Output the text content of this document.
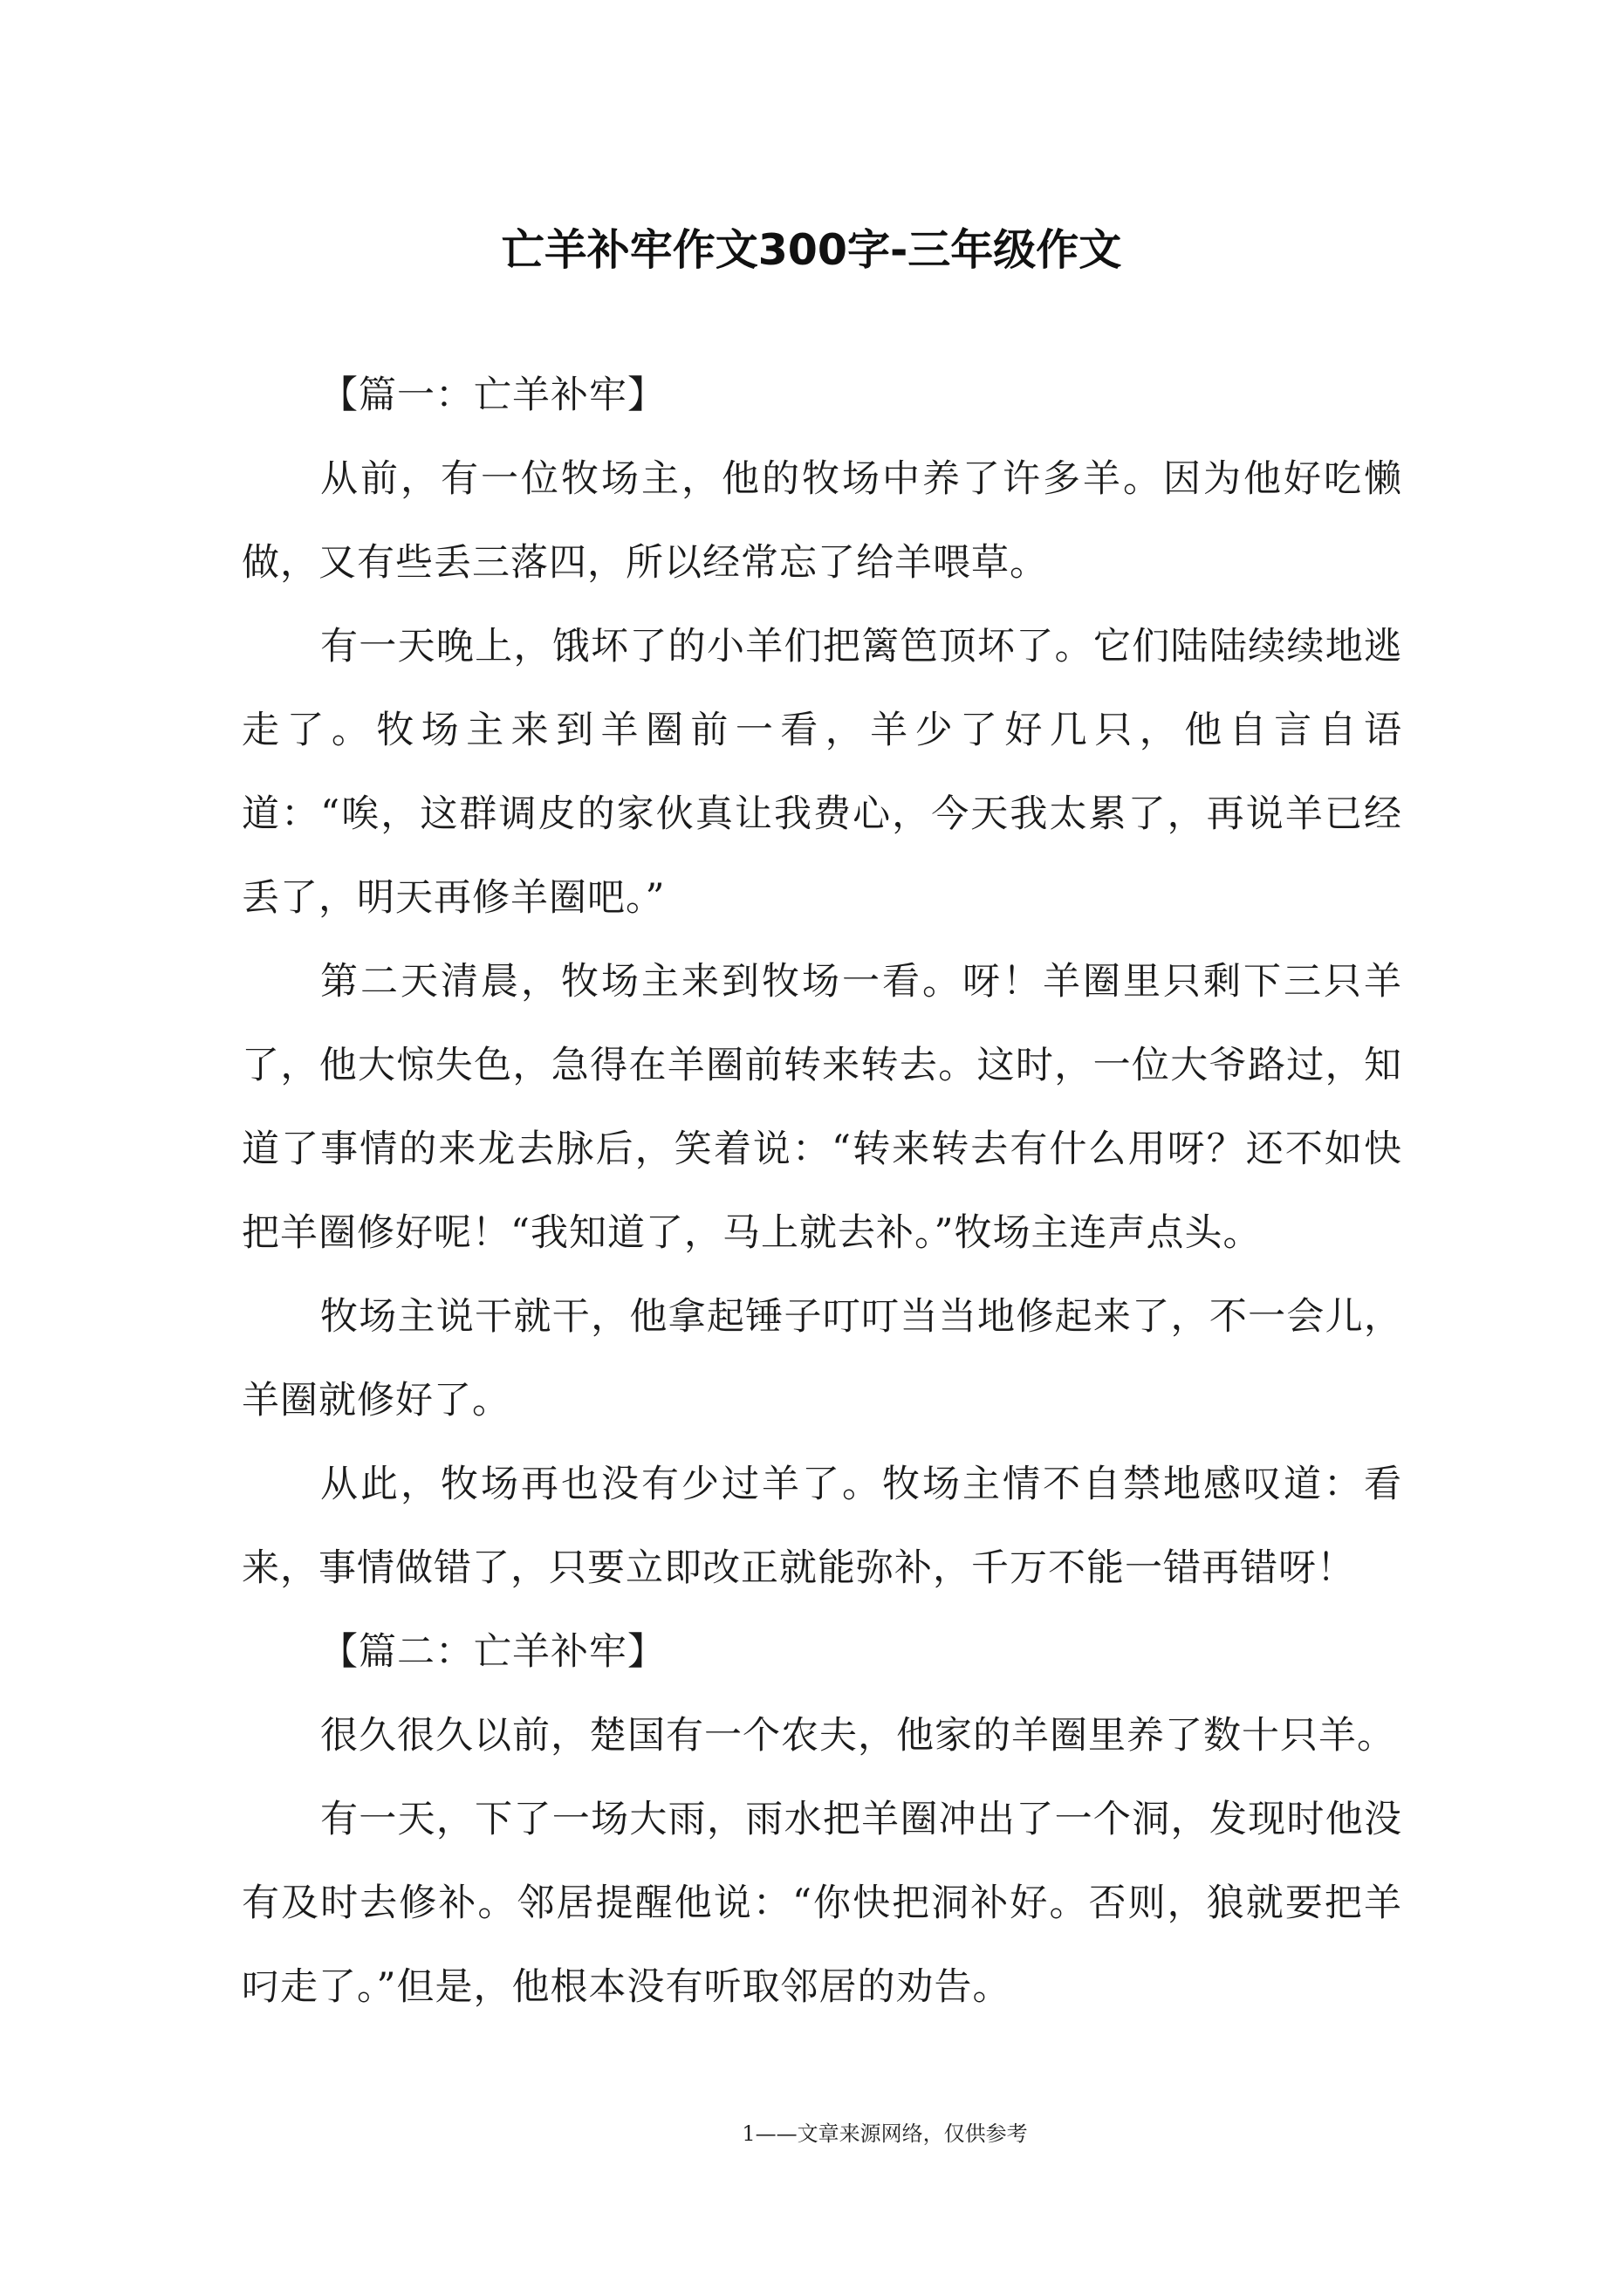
亡羊补牢作文300字-三年级作文

【篇一：亡羊补牢】

从前，有一位牧场主，他的牧场中养了许多羊。因为他好吃懒做，又有些丢三落四，所以经常忘了给羊喂草。

有一天晚上，饿坏了的小羊们把篱笆顶坏了。它们陆陆续续地逃走了。牧场主来到羊圈前一看，羊少了好几只，他自言自语道：“唉，这群调皮的家伙真让我费心，今天我太累了，再说羊已经丢了，明天再修羊圈吧。”

第二天清晨，牧场主来到牧场一看。呀！羊圈里只剩下三只羊了，他大惊失色，急得在羊圈前转来转去。这时，一位大爷路过，知道了事情的来龙去脉后，笑着说：“转来转去有什么用呀？还不如快把羊圈修好呢！“我知道了，马上就去补。”牧场主连声点头。

牧场主说干就干，他拿起锤子叮叮当当地修起来了，不一会儿，羊圈就修好了。

从此，牧场再也没有少过羊了。牧场主情不自禁地感叹道：看来，事情做错了，只要立即改正就能弥补，千万不能一错再错呀！

【篇二：亡羊补牢】

很久很久以前，楚国有一个农夫，他家的羊圈里养了数十只羊。

有一天，下了一场大雨，雨水把羊圈冲出了一个洞，发现时他没有及时去修补。邻居提醒他说：“你快把洞补好。否则，狼就要把羊叼走了。”但是，他根本没有听取邻居的劝告。

1——文章来源网络，仅供参考
